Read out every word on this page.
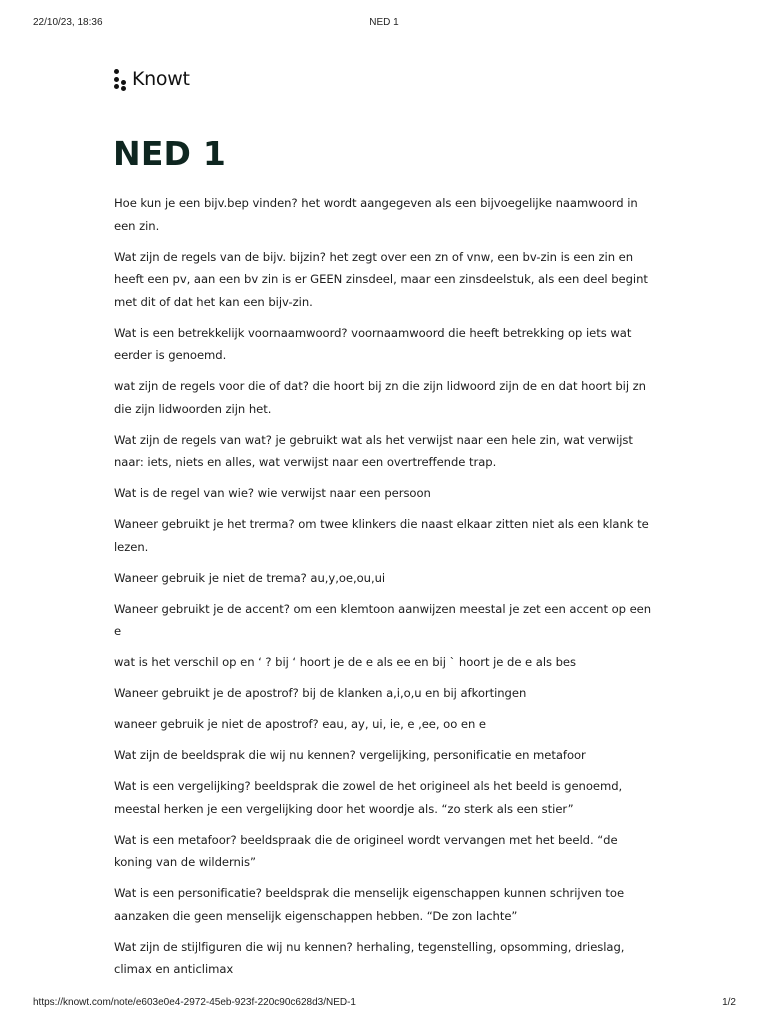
22/10/23, 18:36	NED 1
Knowt
NED 1

Hoe kun je een bijv.bep vinden? het wordt aangegeven als een bijvoegelijke naamwoord in een zin.

Wat zijn de regels van de bijv. bijzin? het zegt over een zn of vnw, een bv-zin is een zin en heeft een pv, aan een bv zin is er GEEN zinsdeel, maar een zinsdeelstuk, als een deel begint met dit of dat het kan een bijv-zin.

Wat is een betrekkelijk voornaamwoord? voornaamwoord die heeft betrekking op iets wat eerder is genoemd.

wat zijn de regels voor die of dat? die hoort bij zn die zijn lidwoord zijn de en dat hoort bij zn die zijn lidwoorden zijn het.

Wat zijn de regels van wat? je gebruikt wat als het verwijst naar een hele zin, wat verwijst naar: iets, niets en alles, wat verwijst naar een overtreffende trap.

Wat is de regel van wie? wie verwijst naar een persoon

Waneer gebruikt je het trerma? om twee klinkers die naast elkaar zitten niet als een klank te lezen.

Waneer gebruik je niet de trema? au,y,oe,ou,ui

Waneer gebruikt je de accent? om een klemtoon aanwijzen meestal je zet een accent op een e

wat is het verschil op en ‘ ? bij ‘ hoort je de e als ee en bij ` hoort je de e als bes

Waneer gebruikt je de apostrof? bij de klanken a,i,o,u en bij afkortingen

waneer gebruik je niet de apostrof? eau, ay, ui, ie, e ,ee, oo en e

Wat zijn de beeldsprak die wij nu kennen? vergelijking, personificatie en metafoor

Wat is een vergelijking? beeldsprak die zowel de het origineel als het beeld is genoemd, meestal herken je een vergelijking door het woordje als. “zo sterk als een stier”

Wat is een metafoor? beeldspraak die de origineel wordt vervangen met het beeld. “de koning van de wildernis”

Wat is een personificatie? beeldsprak die menselijk eigenschappen kunnen schrijven toe aanzaken die geen menselijk eigenschappen hebben. “De zon lachte”

Wat zijn de stijlfiguren die wij nu kennen? herhaling, tegenstelling, opsomming, drieslag, climax en anticlimax

https://knowt.com/note/e603e0e4-2972-45eb-923f-220c90c628d3/NED-1	1/2
